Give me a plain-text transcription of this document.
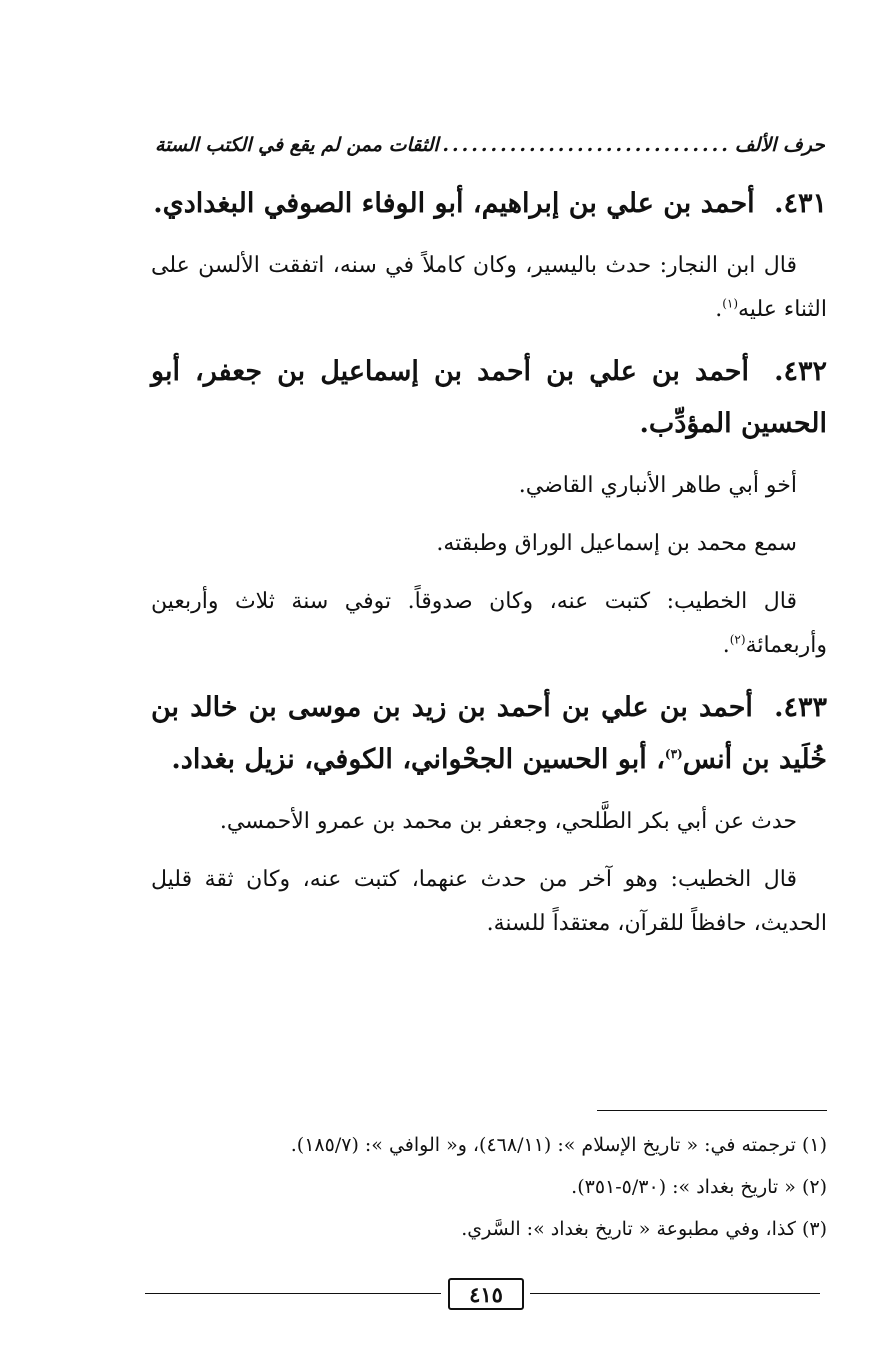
حرف الألف
.....
الثقات ممن لم يقع في الكتب الستة
٤٣١. أحمد بن علي بن إبراهيم، أبو الوفاء الصوفي البغدادي.

قال ابن النجار: حدث باليسير، وكان كاملاً في سنه، اتفقت الألسن على الثناء عليه$^{(١)}$.

٤٣٢. أحمد بن علي بن أحمد بن إسماعيل بن جعفر، أبو الحسين المؤدِّب.

أخو أبي طاهر الأنباري القاضي.

سمع محمد بن إسماعيل الوراق وطبقته.

قال الخطيب: كتبت عنه، وكان صدوقاً. توفي سنة ثلاث وأربعين وأربعمائة$^{(٢)}$.

٤٣٣. أحمد بن علي بن أحمد بن زيد بن موسى بن خالد بن خُلَيد بن أنس$^{(٣)}$، أبو الحسين الجحْواني، الكوفي، نزيل بغداد.

حدث عن أبي بكر الطَّلحي، وجعفر بن محمد بن عمرو الأحمسي.

قال الخطيب: وهو آخر من حدث عنهما، كتبت عنه، وكان ثقة قليل الحديث، حافظاً للقرآن، معتقداً للسنة.

(١) ترجمته في: « تاريخ الإسلام »: (٤٦٨/١١)، و« الوافي »: (١٨٥/٧).

(٢) « تاريخ بغداد »: (٥/٣٠-٣٥١).

(٣) كذا، وفي مطبوعة « تاريخ بغداد »: السَّري.

٤١٥
